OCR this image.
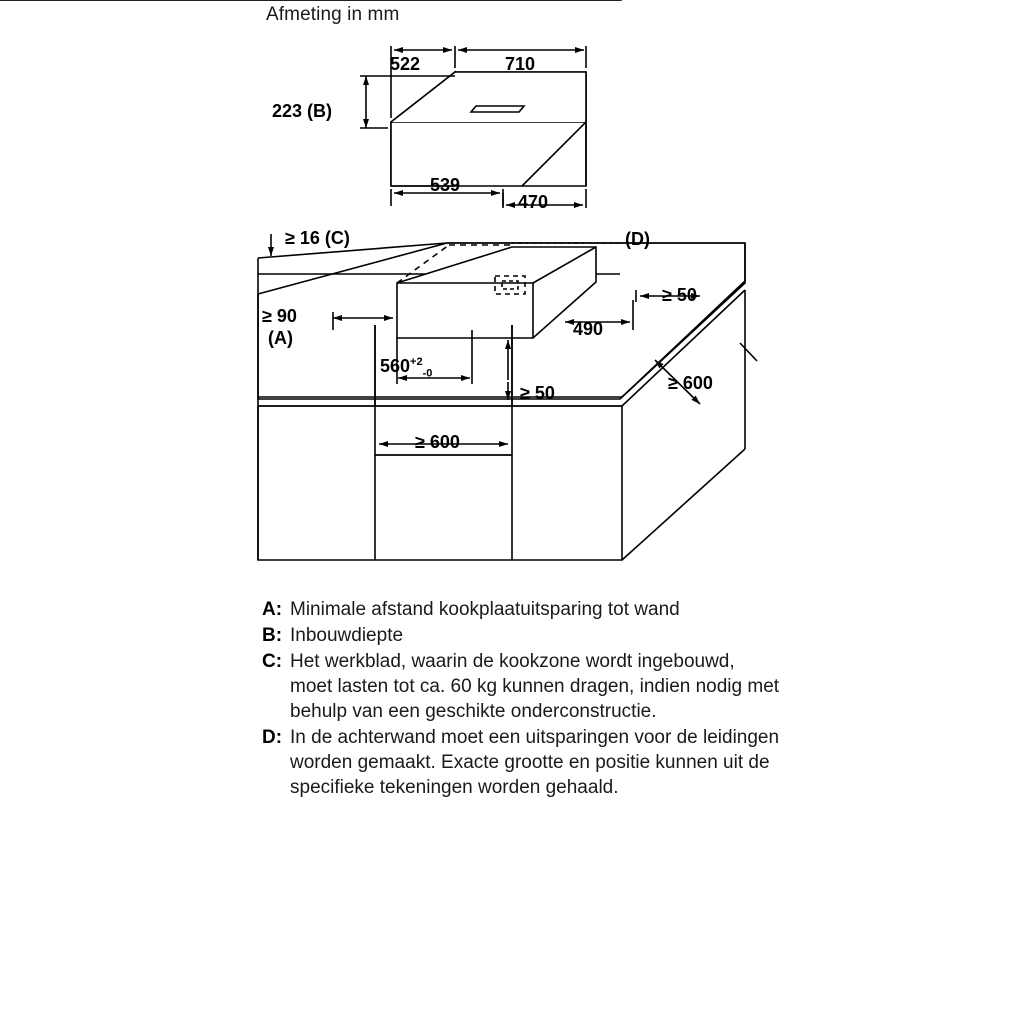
Afmeting in mm
522	710
223 (B)
539
470
≥ 16 (C)	(D)
≥ 50
≥ 90
(A)	490
$560^{+2}_{-0}$
≥ 50	≥ 600
≥ 600
A: Minimale afstand kookplaatuitsparing tot wand
B: Inbouwdiepte
C: Het werkblad, waarin de kookzone wordt ingebouwd, moet lasten tot ca. 60 kg kunnen dragen, indien nodig met behulp van een geschikte onderconstructie.
D: In de achterwand moet een uitsparingen voor de leidingen worden gemaakt. Exacte grootte en positie kunnen uit de specifieke tekeningen worden gehaald.
